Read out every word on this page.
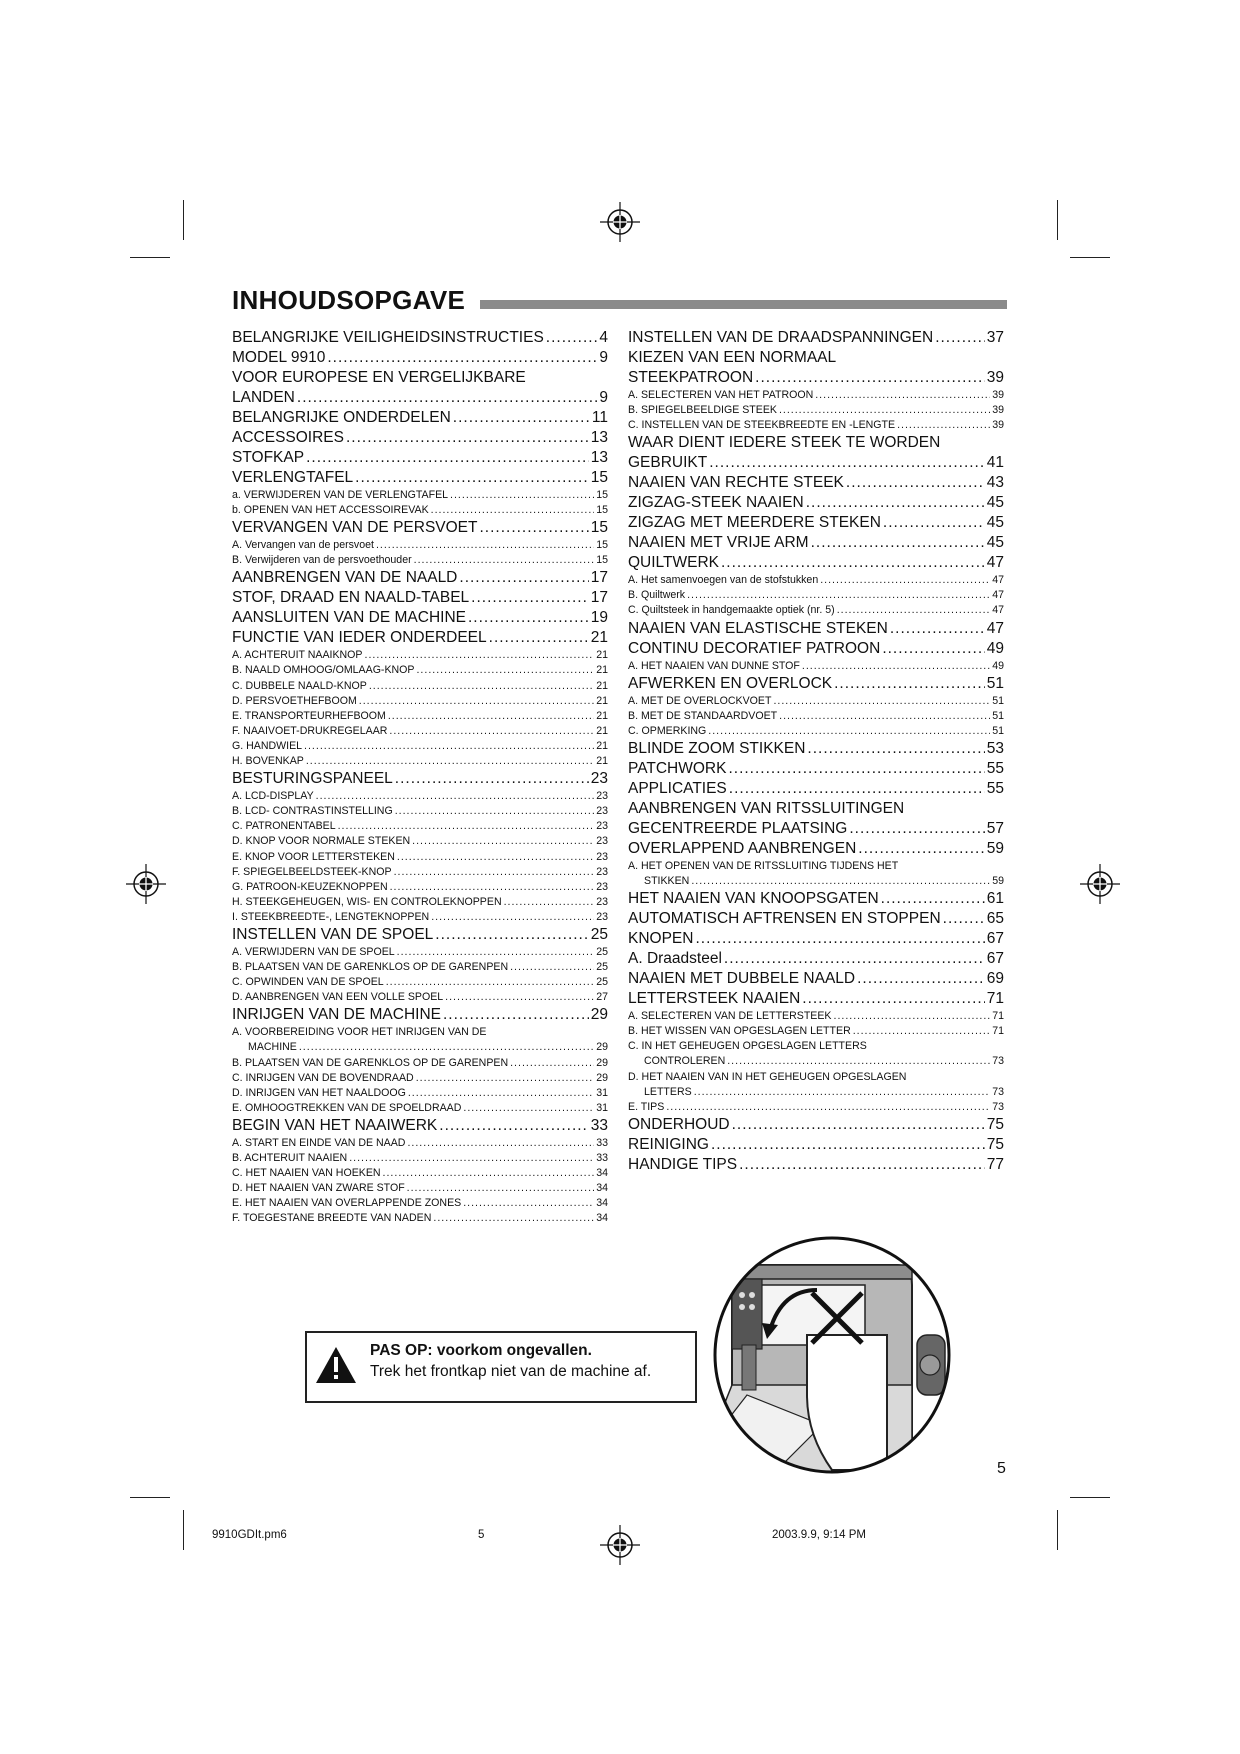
INHOUDSOPGAVE
BELANGRIJKE VEILIGHEIDSINSTRUCTIES .....	4
MODEL 9910 .....	9
VOOR EUROPESE EN VERGELIJKBARE
LANDEN .....	9
BELANGRIJKE ONDERDELEN .....	11
ACCESSOIRES .....	13
STOFKAP .....	13
VERLENGTAFEL .....	15
a. VERWIJDEREN VAN DE VERLENGTAFEL .....	15
b. OPENEN VAN HET ACCESSOIREVAK .....	15
VERVANGEN VAN DE PERSVOET .....	15
A. Vervangen van de persvoet .....	15
B. Verwijderen van de persvoethouder .....	15
AANBRENGEN VAN DE NAALD .....	17
STOF, DRAAD EN NAALD-TABEL .....	17
AANSLUITEN VAN DE MACHINE .....	19
FUNCTIE VAN IEDER ONDERDEEL .....	21
A. ACHTERUIT NAAIKNOP .....	21
B. NAALD OMHOOG/OMLAAG-KNOP .....	21
C. DUBBELE NAALD-KNOP .....	21
D. PERSVOETHEFBOOM .....	21
E. TRANSPORTEURHEFBOOM .....	21
F. NAAIVOET-DRUKREGELAAR .....	21
G. HANDWIEL .....	21
H. BOVENKAP .....	21
BESTURINGSPANEEL .....	23
A. LCD-DISPLAY .....	23
B. LCD- CONTRASTINSTELLING .....	23
C. PATRONENTABEL .....	23
D. KNOP VOOR NORMALE STEKEN .....	23
E. KNOP VOOR LETTERSTEKEN .....	23
F. SPIEGELBEELDSTEEK-KNOP .....	23
G. PATROON-KEUZEKNOPPEN .....	23
H. STEEKGEHEUGEN, WIS- EN CONTROLEKNOPPEN .....	23
I. STEEKBREEDTE-, LENGTEKNOPPEN .....	23
INSTELLEN VAN DE SPOEL .....	25
A. VERWIJDERN VAN DE SPOEL .....	25
B. PLAATSEN VAN DE GARENKLOS OP DE GARENPEN .....	25
C. OPWINDEN VAN DE SPOEL .....	25
D. AANBRENGEN VAN EEN VOLLE SPOEL .....	27
INRIJGEN VAN DE MACHINE .....	29
A. VOORBEREIDING VOOR HET INRIJGEN VAN DE
MACHINE .....	29
B. PLAATSEN VAN DE GARENKLOS OP DE GARENPEN .....	29
C. INRIJGEN VAN DE BOVENDRAAD .....	29
D. INRIJGEN VAN HET NAALDOOG .....	31
E. OMHOOGTREKKEN VAN DE SPOELDRAAD .....	31
BEGIN VAN HET NAAIWERK .....	33
A. START EN EINDE VAN DE NAAD .....	33
B. ACHTERUIT NAAIEN .....	33
C. HET NAAIEN VAN HOEKEN .....	34
D. HET NAAIEN VAN ZWARE STOF .....	34
E. HET NAAIEN VAN OVERLAPPENDE ZONES .....	34
F. TOEGESTANE BREEDTE VAN NADEN .....	34
INSTELLEN VAN DE DRAADSPANNINGEN .....	37
KIEZEN VAN EEN NORMAAL
STEEKPATROON .....	39
A. SELECTEREN VAN HET PATROON .....	39
B. SPIEGELBEELDIGE STEEK .....	39
C. INSTELLEN VAN DE STEEKBREEDTE EN -LENGTE .....	39
WAAR DIENT IEDERE STEEK TE WORDEN
GEBRUIKT .....	41
NAAIEN VAN RECHTE STEEK .....	43
ZIGZAG-STEEK NAAIEN .....	45
ZIGZAG MET MEERDERE STEKEN .....	45
NAAIEN MET VRIJE ARM .....	45
QUILTWERK .....	47
A. Het samenvoegen van de stofstukken .....	47
B. Quiltwerk .....	47
C. Quiltsteek in handgemaakte optiek (nr. 5) .....	47
NAAIEN VAN ELASTISCHE STEKEN .....	47
CONTINU DECORATIEF PATROON .....	49
A. HET NAAIEN VAN DUNNE STOF .....	49
AFWERKEN EN OVERLOCK .....	51
A. MET DE OVERLOCKVOET .....	51
B. MET DE STANDAARDVOET .....	51
C. OPMERKING .....	51
BLINDE ZOOM STIKKEN .....	53
PATCHWORK .....	55
APPLICATIES .....	55
AANBRENGEN VAN RITSSLUITINGEN
GECENTREERDE PLAATSING .....	57
OVERLAPPEND AANBRENGEN .....	59
A. HET OPENEN VAN DE RITSSLUITING TIJDENS HET
STIKKEN .....	59
HET NAAIEN VAN KNOOPSGATEN .....	61
AUTOMATISCH AFTRENSEN EN STOPPEN .....	65
KNOPEN .....	67
A. Draadsteel .....	67
NAAIEN MET DUBBELE NAALD .....	69
LETTERSTEEK NAAIEN .....	71
A. SELECTEREN VAN DE LETTERSTEEK .....	71
B. HET WISSEN VAN OPGESLAGEN LETTER .....	71
C. IN HET GEHEUGEN OPGESLAGEN LETTERS
CONTROLEREN .....	73
D. HET NAAIEN VAN IN HET GEHEUGEN OPGESLAGEN
LETTERS .....	73
E. TIPS .....	73
ONDERHOUD .....	75
REINIGING .....	75
HANDIGE TIPS .....	77
PAS OP: voorkom ongevallen.
Trek het frontkap niet van de machine af.
5
9910GDIt.pm6	5	2003.9.9, 9:14 PM
